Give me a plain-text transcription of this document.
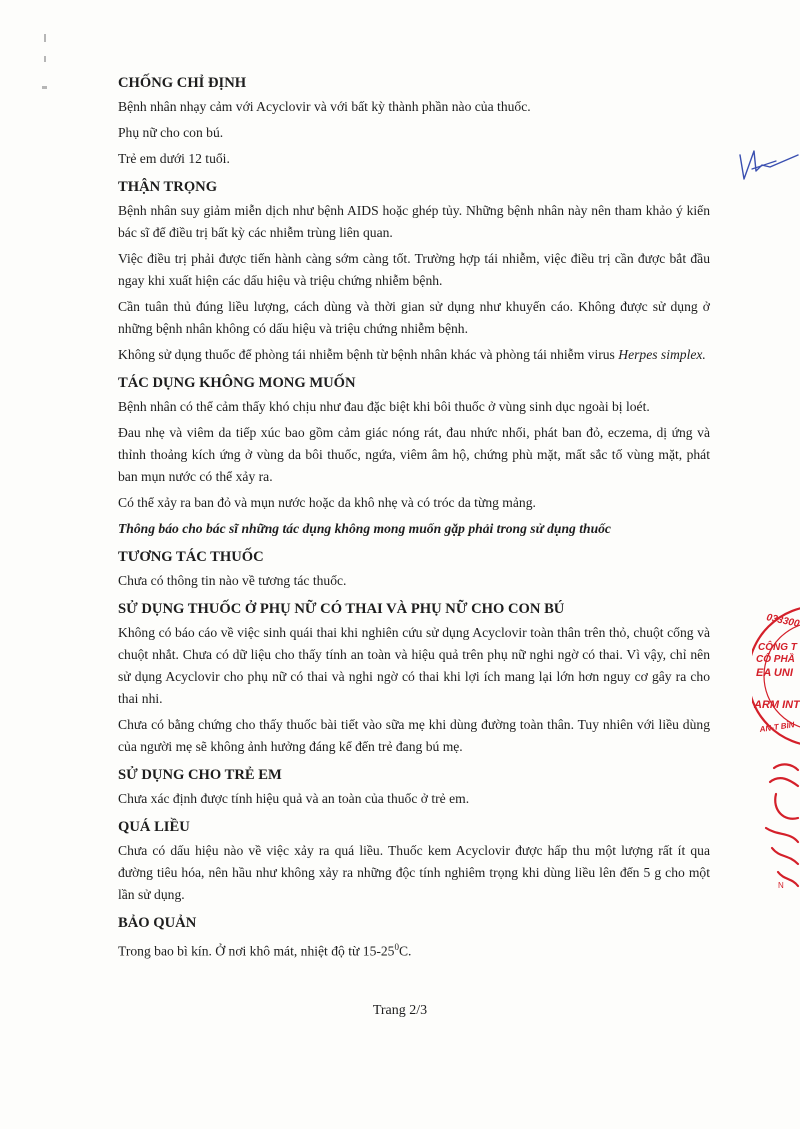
CHỐNG CHỈ ĐỊNH

Bệnh nhân nhạy cảm với Acyclovir và với bất kỳ thành phần nào của thuốc.

Phụ nữ cho con bú.

Trẻ em dưới 12 tuổi.

THẬN TRỌNG

Bệnh nhân suy giảm miễn dịch như bệnh AIDS hoặc ghép tủy. Những bệnh nhân này nên tham khảo ý kiến bác sĩ để điều trị bất kỳ các nhiễm trùng liên quan.

Việc điều trị phải được tiến hành càng sớm càng tốt. Trường hợp tái nhiễm, việc điều trị cần được bắt đầu ngay khi xuất hiện các dấu hiệu và triệu chứng nhiễm bệnh.

Cần tuân thủ đúng liều lượng, cách dùng và thời gian sử dụng như khuyến cáo. Không được sử dụng ở những bệnh nhân không có dấu hiệu và triệu chứng nhiễm bệnh.

Không sử dụng thuốc để phòng tái nhiễm bệnh từ bệnh nhân khác và phòng tái nhiễm virus Herpes simplex.

TÁC DỤNG KHÔNG MONG MUỐN

Bệnh nhân có thể cảm thấy khó chịu như đau đặc biệt khi bôi thuốc ở vùng sinh dục ngoài bị loét.

Đau nhẹ và viêm da tiếp xúc bao gồm cảm giác nóng rát, đau nhức nhối, phát ban đỏ, eczema, dị ứng và thỉnh thoảng kích ứng ở vùng da bôi thuốc, ngứa, viêm âm hộ, chứng phù mặt, mất sắc tố vùng mặt, phát ban mụn nước có thể xảy ra.

Có thể xảy ra ban đỏ và mụn nước hoặc da khô nhẹ và có tróc da từng mảng.

Thông báo cho bác sĩ những tác dụng không mong muốn gặp phải trong sử dụng thuốc

TƯƠNG TÁC THUỐC

Chưa có thông tin nào về tương tác thuốc.

SỬ DỤNG THUỐC Ở PHỤ NỮ CÓ THAI VÀ PHỤ NỮ CHO CON BÚ

Không có báo cáo về việc sinh quái thai khi nghiên cứu sử dụng Acyclovir toàn thân trên thỏ, chuột cống và chuột nhắt. Chưa có dữ liệu cho thấy tính an toàn và hiệu quả trên phụ nữ nghi ngờ có thai. Vì vậy, chỉ nên sử dụng Acyclovir cho phụ nữ có thai và nghi ngờ có thai khi lợi ích mang lại lớn hơn nguy cơ gây ra cho thai nhi.

Chưa có bằng chứng cho thấy thuốc bài tiết vào sữa mẹ khi dùng đường toàn thân. Tuy nhiên với liều dùng của người mẹ sẽ không ảnh hưởng đáng kể đến trẻ đang bú mẹ.

SỬ DỤNG CHO TRẺ EM

Chưa xác định được tính hiệu quả và an toàn của thuốc ở trẻ em.

QUÁ LIỀU

Chưa có dấu hiệu nào về việc xảy ra quá liều. Thuốc kem Acyclovir được hấp thu một lượng rất ít qua đường tiêu hóa, nên hầu như không xảy ra những độc tính nghiêm trọng khi dùng liều lên đến 5 g cho một lần sử dụng.

BẢO QUẢN

Trong bao bì kín. Ở nơi khô mát, nhiệt độ từ $15-25^0C$.

Trang 2/3
033300
CÔNG T
CỔ PHẦ
EA UNI
ARM INT
AN-T BÌN
N
